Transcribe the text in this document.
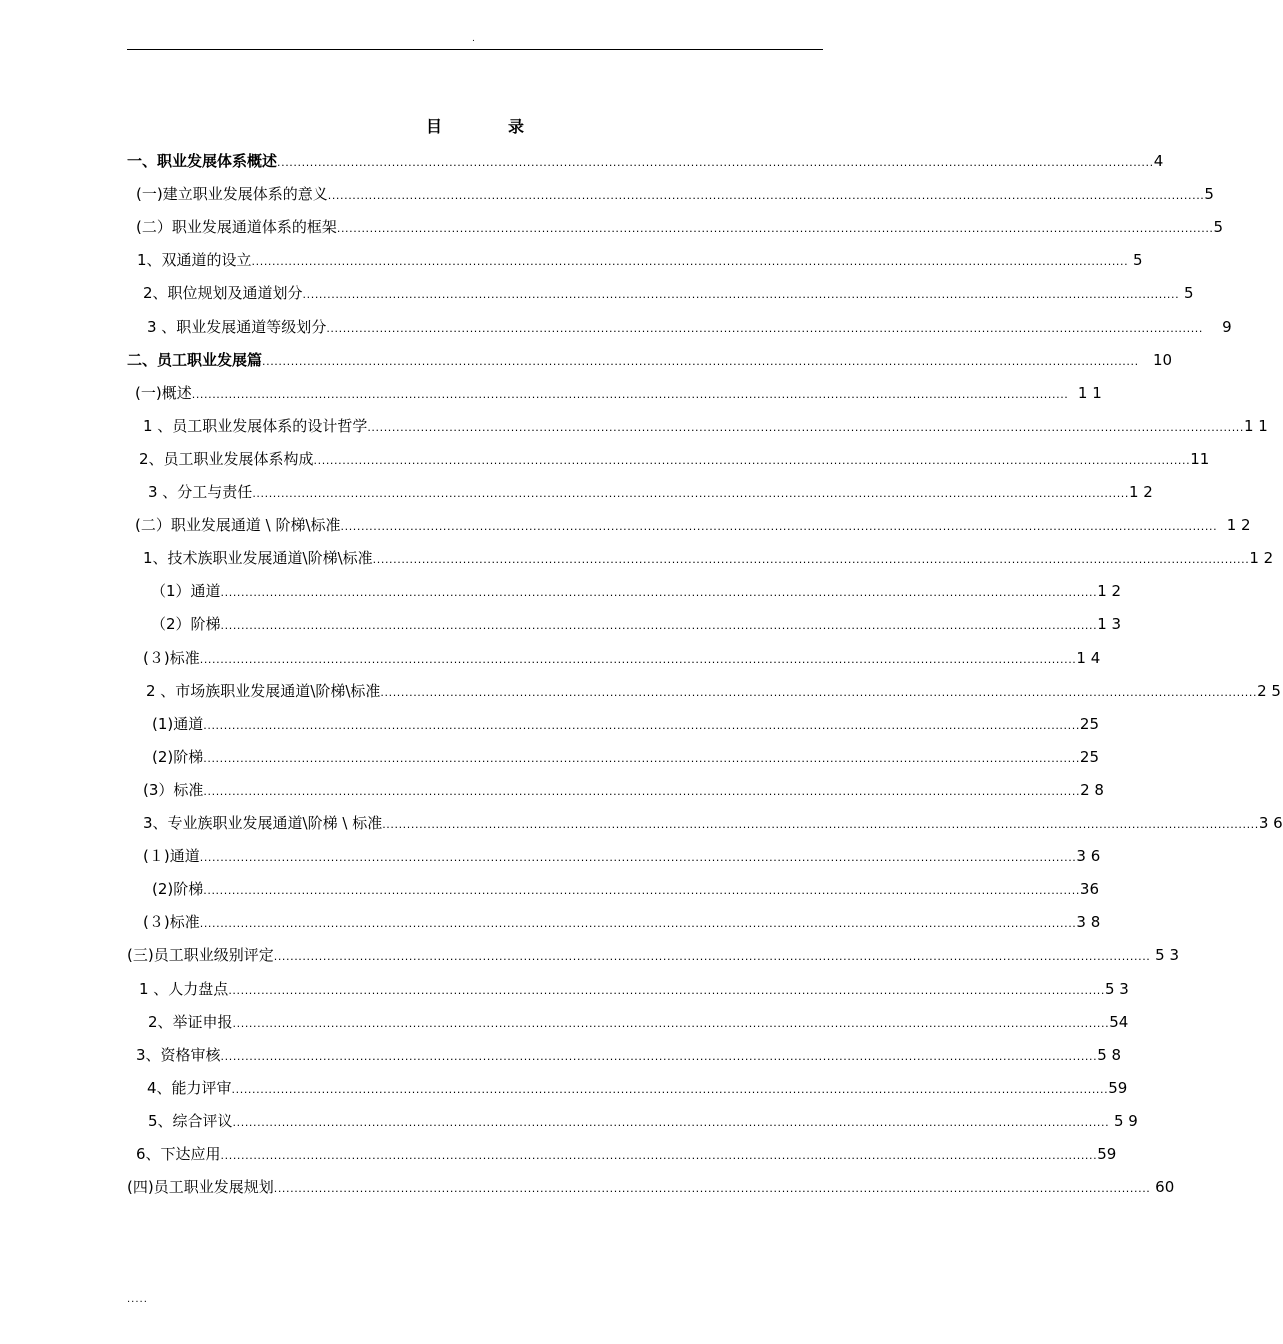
.
目	录
一、职业发展体系概述 ...................................................................................................................................................................................................................... 4
(一)建立职业发展体系的意义 ...................................................................................................................................................................................................................... 5
(二）职业发展通道体系的框架 ...................................................................................................................................................................................................................... 5
1、双通道的设立 ...................................................................................................................................................................................................................... 5
2、职位规划及通道划分 ...................................................................................................................................................................................................................... 5
3 、职业发展通道等级划分 ...................................................................................................................................................................................................................... 9
二、员工职业发展篇 ...................................................................................................................................................................................................................... 10
(一)概述 ...................................................................................................................................................................................................................... 1 1
1 、员工职业发展体系的设计哲学 ...................................................................................................................................................................................................................... 1 1
2、员工职业发展体系构成 ...................................................................................................................................................................................................................... 11
3 、分工与责任 ...................................................................................................................................................................................................................... 1 2
(二）职业发展通道 \ 阶梯\标准 ...................................................................................................................................................................................................................... 1 2
1、技术族职业发展通道\阶梯\标准 ...................................................................................................................................................................................................................... 1 2
（1）通道 ...................................................................................................................................................................................................................... 1 2
（2）阶梯 ...................................................................................................................................................................................................................... 1 3
(３)标准 ...................................................................................................................................................................................................................... 1 4
2 、市场族职业发展通道\阶梯\标准 ...................................................................................................................................................................................................................... 2 5
(1)通道 ...................................................................................................................................................................................................................... 25
(2)阶梯 ...................................................................................................................................................................................................................... 25
(3）标准 ...................................................................................................................................................................................................................... 2 8
3、专业族职业发展通道\阶梯 \ 标准 ...................................................................................................................................................................................................................... 3 6
(１)通道 ...................................................................................................................................................................................................................... 3 6
(2)阶梯 ...................................................................................................................................................................................................................... 36
(３)标准 ...................................................................................................................................................................................................................... 3 8
(三)员工职业级别评定 ...................................................................................................................................................................................................................... 5 3
1 、人力盘点 ...................................................................................................................................................................................................................... 5 3
2、举证申报 ...................................................................................................................................................................................................................... 54
3、资格审核 ...................................................................................................................................................................................................................... 5 8
4、能力评审 ...................................................................................................................................................................................................................... 59
5、综合评议 ...................................................................................................................................................................................................................... 5 9
6、下达应用 ...................................................................................................................................................................................................................... 59
(四)员工职业发展规划 ...................................................................................................................................................................................................................... 60
.....
